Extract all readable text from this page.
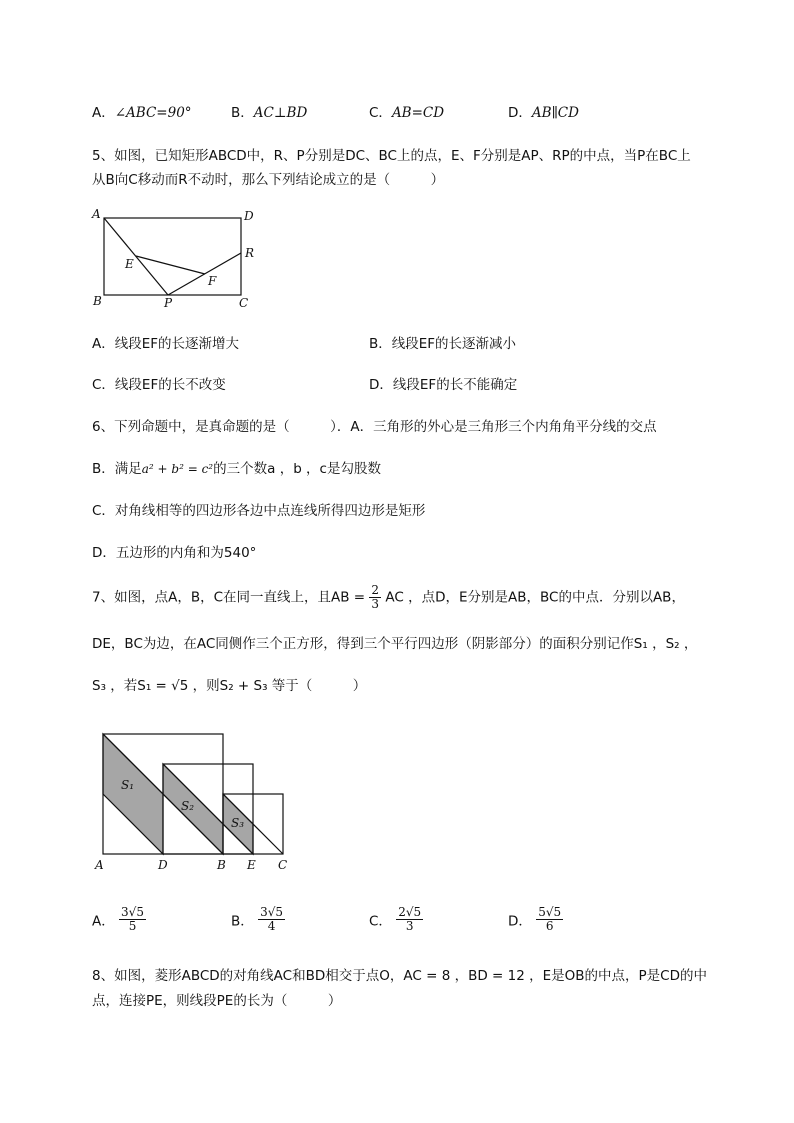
A．∠ABC=90°	B．AC⊥BD	C．AB=CD	D．AB∥CD
5、如图，已知矩形ABCD中，R、P分别是DC、BC上的点，E、F分别是AP、RP的中点，当P在BC上
从B向C移动而R不动时，那么下列结论成立的是（　　　）
A	D
E
R
F
B	P	C
A．线段EF的长逐渐增大	B．线段EF的长逐渐减小
C．线段EF的长不改变	D．线段EF的长不能确定
6、下列命题中，是真命题的是（　　　）．A．三角形的外心是三角形三个内角角平分线的交点
B．满足a² + b² = c²的三个数a ，b ，c是勾股数
C．对角线相等的四边形各边中点连线所得四边形是矩形
D．五边形的内角和为540°
7、如图，点A，B，C在同一直线上，且AB = $\frac{2}{3}$ AC ，点D，E分别是AB，BC的中点．分别以AB，
DE，BC为边，在AC同侧作三个正方形，得到三个平行四边形（阴影部分）的面积分别记作S₁ ，S₂ ，
S₃ ，若S₁ = √5 ，则S₂ + S₃ 等于（　　　）
S₁
S₂
S₃
A	D	B E C
A． $\frac{3√5}{5}$	B． $\frac{3√5}{4}$	C． $\frac{2√5}{3}$	D． $\frac{5√5}{6}$
8、如图，菱形ABCD的对角线AC和BD相交于点O，AC = 8 ，BD = 12 ，E是OB的中点，P是CD的中
点，连接PE，则线段PE的长为（　　　）
